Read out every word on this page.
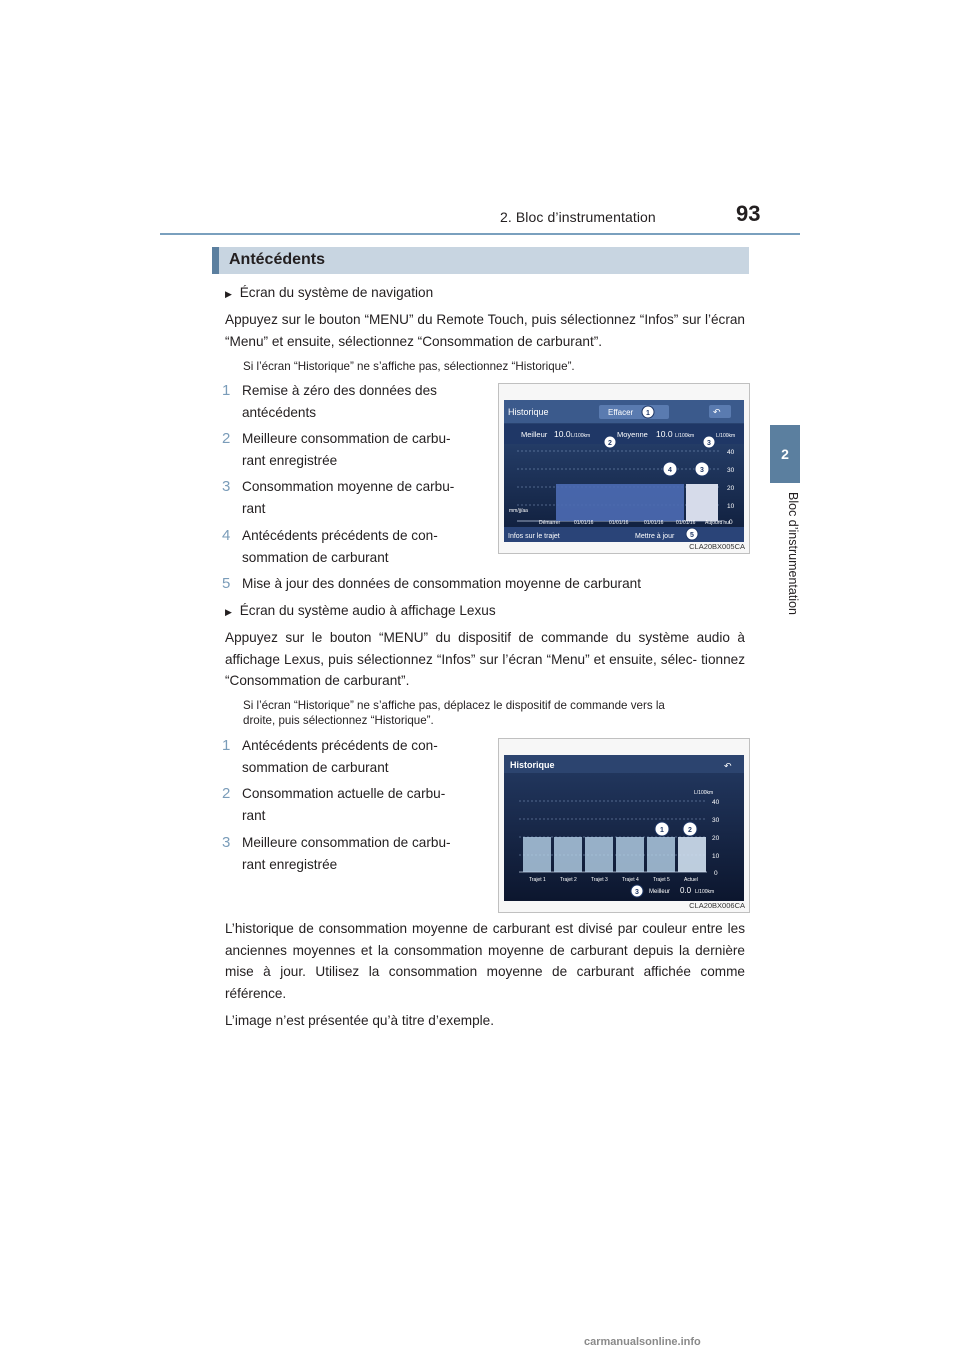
2. Bloc d’instrumentation	93
2
Bloc d’instrumentation
Antécédents
▶ Écran du système de navigation
Appuyez sur le bouton “MENU” du Remote Touch, puis sélectionnez “Infos” sur l’écran “Menu” et ensuite, sélectionnez “Consommation de carburant”.
Si l’écran “Historique” ne s’affiche pas, sélectionnez “Historique”.
1 Remise à zéro des données des
antécédents
2 Meilleure consommation de carbu-
rant enregistrée
3 Consommation moyenne de carbu-
rant
4 Antécédents précédents de con-
sommation de carburant
5 Mise à jour des données de consommation moyenne de carburant
Historique	Effacer	↶
Meilleur 10.0 L/100km	Moyenne 10.0 L/100km	L/100km
40
30
20
10
0
mm/jj/aa
Démarrer	01/01/16	01/01/16	01/01/16	01/01/16 Aujourd’hui
Infos sur le trajet	Mettre à jour
1
2	3
4	3
5
CLA20BX005CA
▶ Écran du système audio à affichage Lexus
Appuyez sur le bouton “MENU” du dispositif de commande du système audio à affichage Lexus, puis sélectionnez “Infos” sur l’écran “Menu” et ensuite, sélec- tionnez “Consommation de carburant”.
Si l’écran “Historique” ne s’affiche pas, déplacez le dispositif de commande vers la
droite, puis sélectionnez “Historique”.
1 Antécédents précédents de con-
sommation de carburant
2 Consommation actuelle de carbu-
rant
3 Meilleure consommation de carbu-
rant enregistrée
Historique	↶
L/100km
40
30
20
10
0
Trajet 1	Trajet 2	Trajet 3	Trajet 4	Trajet 5	Actuel
Meilleur 0.0 L/100km
1	2
3
CLA20BX006CA
L’historique de consommation moyenne de carburant est divisé par couleur entre les anciennes moyennes et la consommation moyenne de carburant depuis la dernière mise à jour. Utilisez la consommation moyenne de carburant affichée comme référence.
L’image n’est présentée qu’à titre d’exemple.
carmanualsonline.info
